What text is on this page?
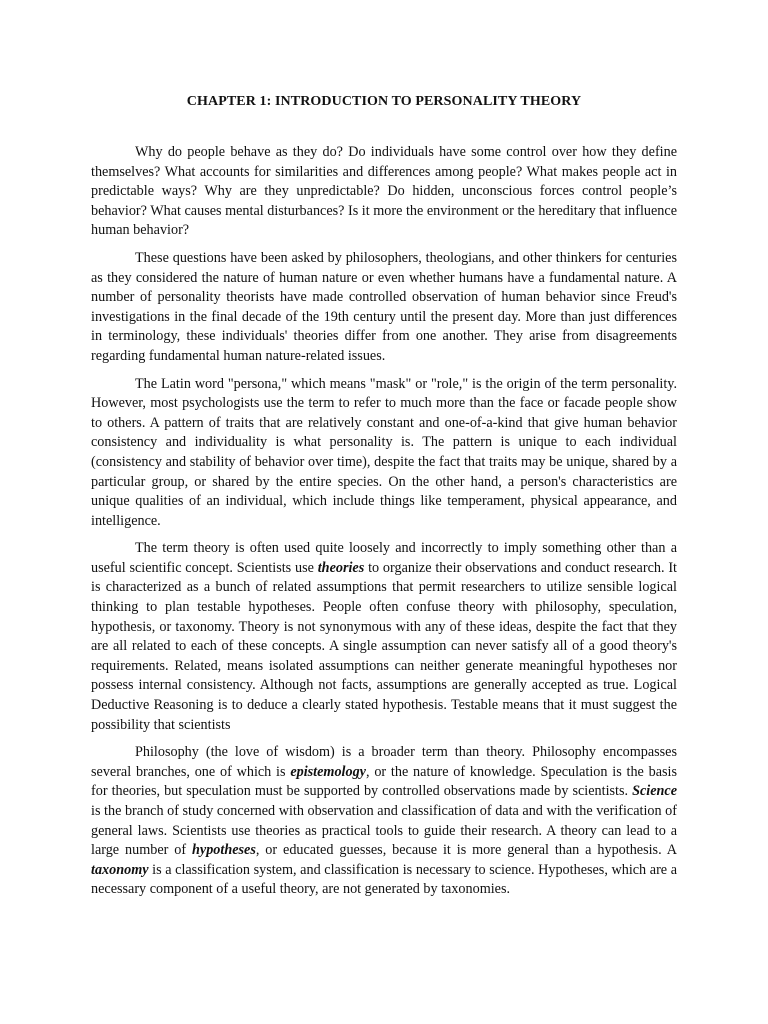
CHAPTER 1: INTRODUCTION TO PERSONALITY THEORY

Why do people behave as they do? Do individuals have some control over how they define themselves? What accounts for similarities and differences among people? What makes people act in predictable ways? Why are they unpredictable? Do hidden, unconscious forces control people’s behavior? What causes mental disturbances? Is it more the environment or the hereditary that influence human behavior?

These questions have been asked by philosophers, theologians, and other thinkers for centuries as they considered the nature of human nature or even whether humans have a fundamental nature. A number of personality theorists have made controlled observation of human behavior since Freud's investigations in the final decade of the 19th century until the present day. More than just differences in terminology, these individuals' theories differ from one another. They arise from disagreements regarding fundamental human nature-related issues.

The Latin word "persona," which means "mask" or "role," is the origin of the term personality. However, most psychologists use the term to refer to much more than the face or facade people show to others. A pattern of traits that are relatively constant and one-of-a-kind that give human behavior consistency and individuality is what personality is. The pattern is unique to each individual (consistency and stability of behavior over time), despite the fact that traits may be unique, shared by a particular group, or shared by the entire species. On the other hand, a person's characteristics are unique qualities of an individual, which include things like temperament, physical appearance, and intelligence.

The term theory is often used quite loosely and incorrectly to imply something other than a useful scientific concept. Scientists use theories to organize their observations and conduct research. It is characterized as a bunch of related assumptions that permit researchers to utilize sensible logical thinking to plan testable hypotheses. People often confuse theory with philosophy, speculation, hypothesis, or taxonomy. Theory is not synonymous with any of these ideas, despite the fact that they are all related to each of these concepts. A single assumption can never satisfy all of a good theory's requirements. Related, means isolated assumptions can neither generate meaningful hypotheses nor possess internal consistency. Although not facts, assumptions are generally accepted as true. Logical Deductive Reasoning is to deduce a clearly stated hypothesis. Testable means that it must suggest the possibility that scientists

Philosophy (the love of wisdom) is a broader term than theory. Philosophy encompasses several branches, one of which is epistemology, or the nature of knowledge. Speculation is the basis for theories, but speculation must be supported by controlled observations made by scientists. Science is the branch of study concerned with observation and classification of data and with the verification of general laws. Scientists use theories as practical tools to guide their research. A theory can lead to a large number of hypotheses, or educated guesses, because it is more general than a hypothesis. A taxonomy is a classification system, and classification is necessary to science. Hypotheses, which are a necessary component of a useful theory, are not generated by taxonomies.
